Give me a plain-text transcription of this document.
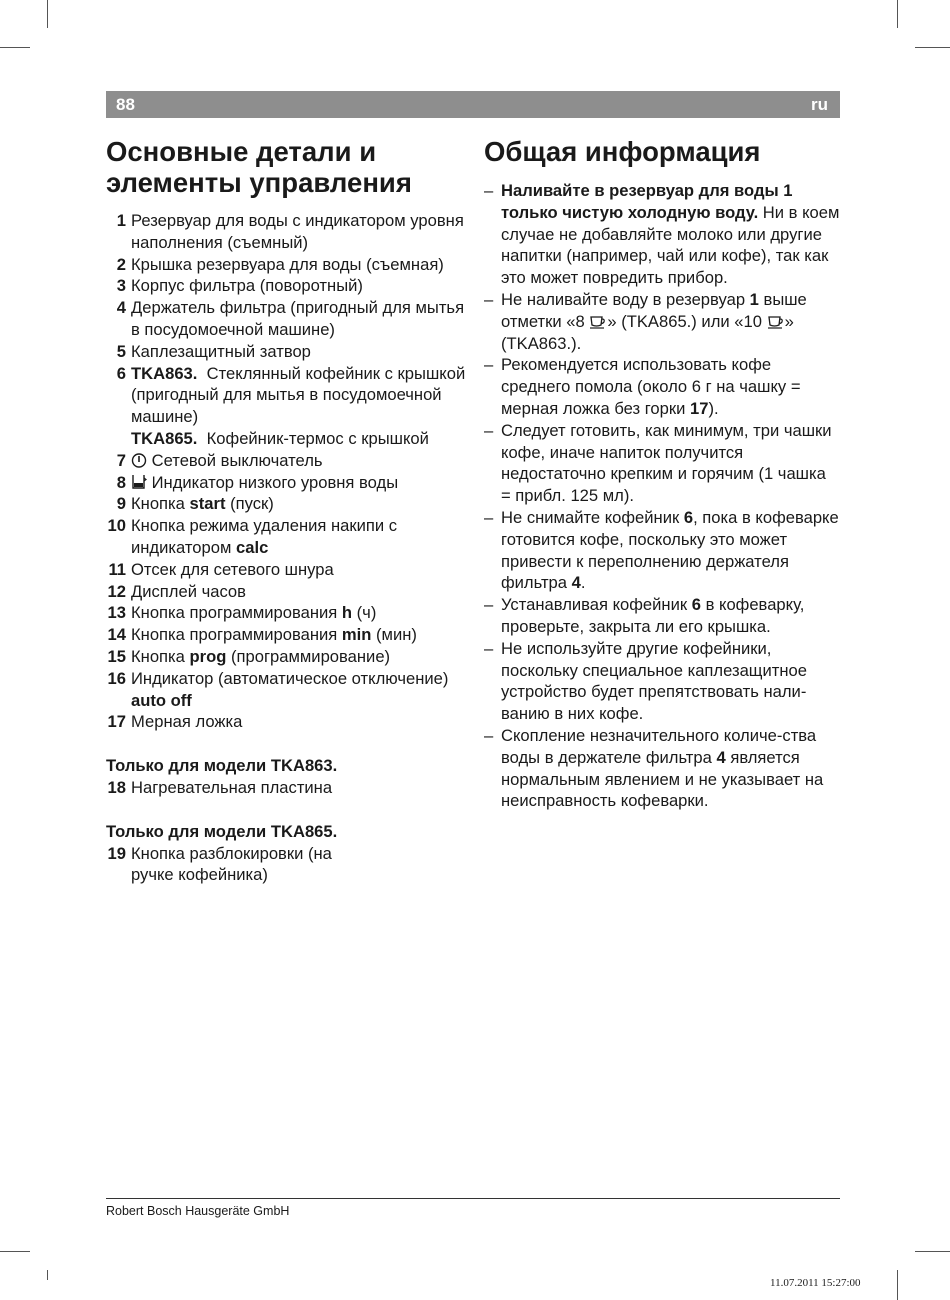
88	ru
Основные детали и элементы управления
1 Резервуар для воды с индикатором уровня наполнения (съемный)
2 Крышка резервуара для воды (съемная)
3 Корпус фильтра (поворотный)
4 Держатель фильтра (пригодный для мытья в посудомоечной машине)
5 Каплезащитный затвор
6 TKA863. Стеклянный кофейник с крышкой (пригодный для мытья в посудомоечной машине)
TKA865. Кофейник-термос с крышкой
7	Сетевой выключатель
8	Индикатор низкого уровня воды
9 Кнопка start (пуск)
10 Кнопка режима удаления накипи с индикатором calc
11 Отсек для сетевого шнура
12 Дисплей часов
13 Кнопка программирования h (ч)
14 Кнопка программирования min (мин)
15 Кнопка prog (программирование)
16 Индикатор (автоматическое отключение) auto off
17 Мерная ложка
Только для модели TKA863.
18 Нагревательная пластина
Только для модели TKA865.
19 Кнопка разблокировки (на ручке кофейника)
Общая информация
– Наливайте в резервуар для воды 1 только чистую холодную воду. Ни в коем случае не добавляйте молоко или другие напитки (например, чай или кофе), так как это может повредить прибор.
– Не наливайте воду в резервуар 1 выше отметки «8 » (TKA865.) или «10 » (TKA863.).
– Рекомендуется использовать кофе среднего помола (около 6 г на чашку = мерная ложка без горки 17).
– Следует готовить, как минимум, три чашки кофе, иначе напиток получится недостаточно крепким и горячим (1 чашка = прибл. 125 мл).
– Не снимайте кофейник 6, пока в кофеварке готовится кофе, поскольку это может привести к переполнению держателя фильтра 4.
– Устанавливая кофейник 6 в кофеварку, проверьте, закрыта ли его крышка.
– Не используйте другие кофейники, поскольку специальное каплезащитное устройство будет препятствовать нали-ванию в них кофе.
– Скопление незначительного количе-ства воды в держателе фильтра 4 является нормальным явлением и не указывает на неисправность кофеварки.
Robert Bosch Hausgeräte GmbH
11.07.2011 15:27:00
